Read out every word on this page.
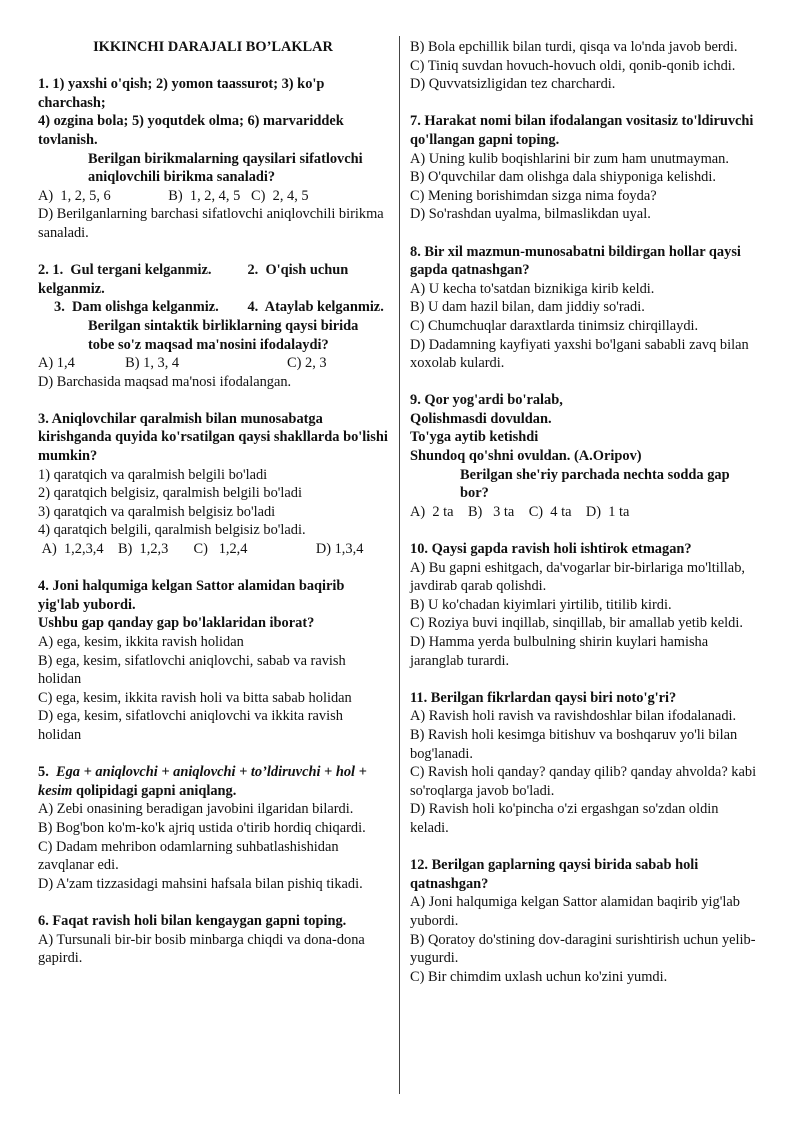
IKKINCHI DARAJALI BO’LAKLAR
1. 1) yaxshi o'qish; 2) yomon taassurot; 3) ko'p charchash;
4) ozgina bola; 5) yoqutdek olma; 6) marvariddek tovlanish.
Berilgan birikmalarning qaysilari sifatlovchi aniqlovchili birikma sanaladi?
A)  1, 2, 5, 6                B)  1, 2, 4, 5   C)  2, 4, 5
D) Berilganlarning barchasi sifatlovchi aniqlovchili birikma sanaladi.
2. 1.  Gul tergani kelganmiz.          2.  O'qish uchun kelganmiz.
3.  Dam olishga kelganmiz.        4.  Ataylab kelganmiz.
Berilgan sintaktik birliklarning qaysi birida tobe so'z maqsad ma'nosini ifodalaydi?
A) 1,4              B) 1, 3, 4                              C) 2, 3
D) Barchasida maqsad ma'nosi ifodalangan.
3. Aniqlovchilar qaralmish bilan munosabatga kirishganda quyida ko'rsatilgan qaysi shakllarda bo'lishi mumkin?
1) qaratqich va qaralmish belgili bo'ladi
2) qaratqich belgisiz, qaralmish belgili bo'ladi
3) qaratqich va qaralmish belgisiz bo'ladi
4) qaratqich belgili, qaralmish belgisiz bo'ladi.
A)  1,2,3,4    B)  1,2,3       C)   1,2,4                   D) 1,3,4
4. Joni halqumiga kelgan Sattor alamidan baqirib yig'lab yubordi.
Ushbu gap qanday gap bo'laklaridan iborat?
A) ega, kesim, ikkita ravish holidan
B) ega, kesim, sifatlovchi aniqlovchi, sabab va ravish holidan
C) ega, kesim, ikkita ravish holi va bitta sabab holidan
D) ega, kesim, sifatlovchi aniqlovchi va ikkita ravish holidan
5.  Ega + aniqlovchi + aniqlovchi + to’ldiruvchi + hol + kesim qolipidagi gapni aniqlang.
A) Zebi onasining beradigan javobini ilgaridan bilardi.
B) Bog'bon ko'm-ko'k ajriq ustida o'tirib hordiq chiqardi.
C) Dadam mehribon odamlarning suhbatlashishidan zavqlanar edi.
D) A'zam tizzasidagi mahsini hafsala bilan pishiq tikadi.
6. Faqat ravish holi bilan kengaygan gapni toping.
A) Tursunali bir-bir bosib minbarga chiqdi va dona-dona gapirdi.
B) Bola epchillik bilan turdi, qisqa va lo'nda javob berdi.
C) Tiniq suvdan hovuch-hovuch oldi, qonib-qonib ichdi.
D) Quvvatsizligidan tez charchardi.
7. Harakat nomi bilan ifodalangan vositasiz to'ldiruvchi qo'llangan gapni toping.
A) Uning kulib boqishlarini bir zum ham unutmayman.
B) O'quvchilar dam olishga dala shiyponiga kelishdi.
C) Mening borishimdan sizga nima foyda?
D) So'rashdan uyalma, bilmaslikdan uyal.
8. Bir xil mazmun-munosabatni bildirgan hollar qaysi gapda qatnashgan?
A) U kecha to'satdan biznikiga kirib keldi.
B) U dam hazil bilan, dam jiddiy so'radi.
C) Chumchuqlar daraxtlarda tinimsiz chirqillaydi.
D) Dadamning kayfiyati yaxshi bo'lgani sababli zavq bilan xoxolab kulardi.
9. Qor yog'ardi bo'ralab,
Qolishmasdi dovuldan.
To'yga aytib ketishdi
Shundoq qo'shni ovuldan. (A.Oripov)
Berilgan she'riy parchada nechta sodda gap bor?
A)  2 ta    B)   3 ta    C)  4 ta    D)  1 ta
10. Qaysi gapda ravish holi ishtirok etmagan?
A) Bu gapni eshitgach, da'vogarlar bir-birlariga mo'ltillab, javdirab qarab qolishdi.
B) U ko'chadan kiyimlari yirtilib, titilib kirdi.
C) Roziya buvi inqillab, sinqillab, bir amallab yetib keldi.
D) Hamma yerda bulbulning shirin kuylari hamisha jaranglab turardi.
11. Berilgan fikrlardan qaysi biri noto'g'ri?
A) Ravish holi ravish va ravishdoshlar bilan ifodalanadi.
B) Ravish holi kesimga bitishuv va boshqaruv yo'li bilan bog'lanadi.
C) Ravish holi qanday? qanday qilib? qanday ahvolda? kabi so'roqlarga javob bo'ladi.
D) Ravish holi ko'pincha o'zi ergashgan so'zdan oldin keladi.
12. Berilgan gaplarning qaysi birida sabab holi qatnashgan?
A) Joni halqumiga kelgan Sattor alamidan baqirib yig'lab yubordi.
B) Qoratoy do'stining dov-daragini surishtirish uchun yelib-yugurdi.
C) Bir chimdim uxlash uchun ko'zini yumdi.
